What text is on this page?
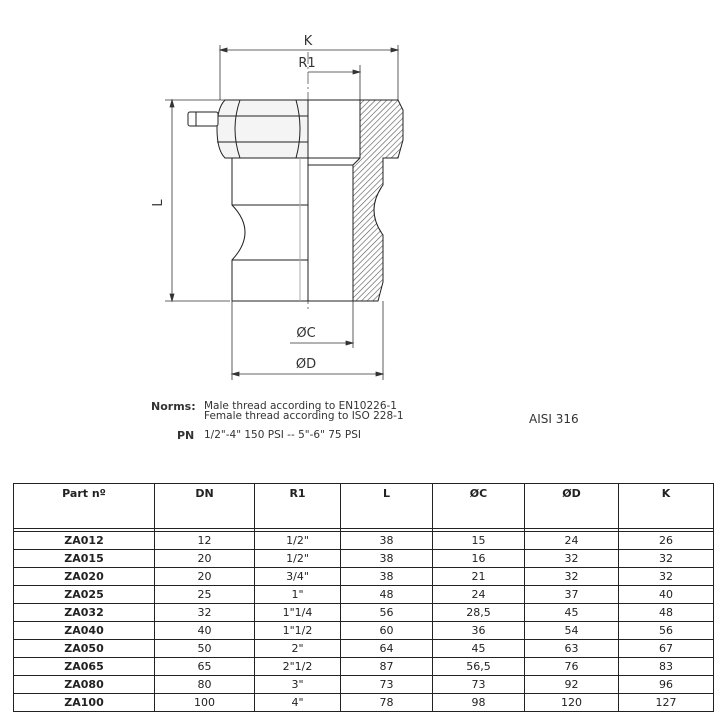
K
R1
L
ØC
ØD
Norms: Male thread according to EN10226-1
Female thread according to ISO 228-1
PN 1/2"-4" 150 PSI -- 5"-6" 75 PSI
AISI 316
Part nº	DN	R1	L	ØC	ØD	K

ZA012	12	1/2"	38	15	24	26
ZA015	20	1/2"	38	16	32	32
ZA020	20	3/4"	38	21	32	32
ZA025	25	1"	48	24	37	40
ZA032	32	1"1/4	56	28,5	45	48
ZA040	40	1"1/2	60	36	54	56
ZA050	50	2"	64	45	63	67
ZA065	65	2"1/2	87	56,5	76	83
ZA080	80	3"	73	73	92	96
ZA100	100	4"	78	98	120	127
